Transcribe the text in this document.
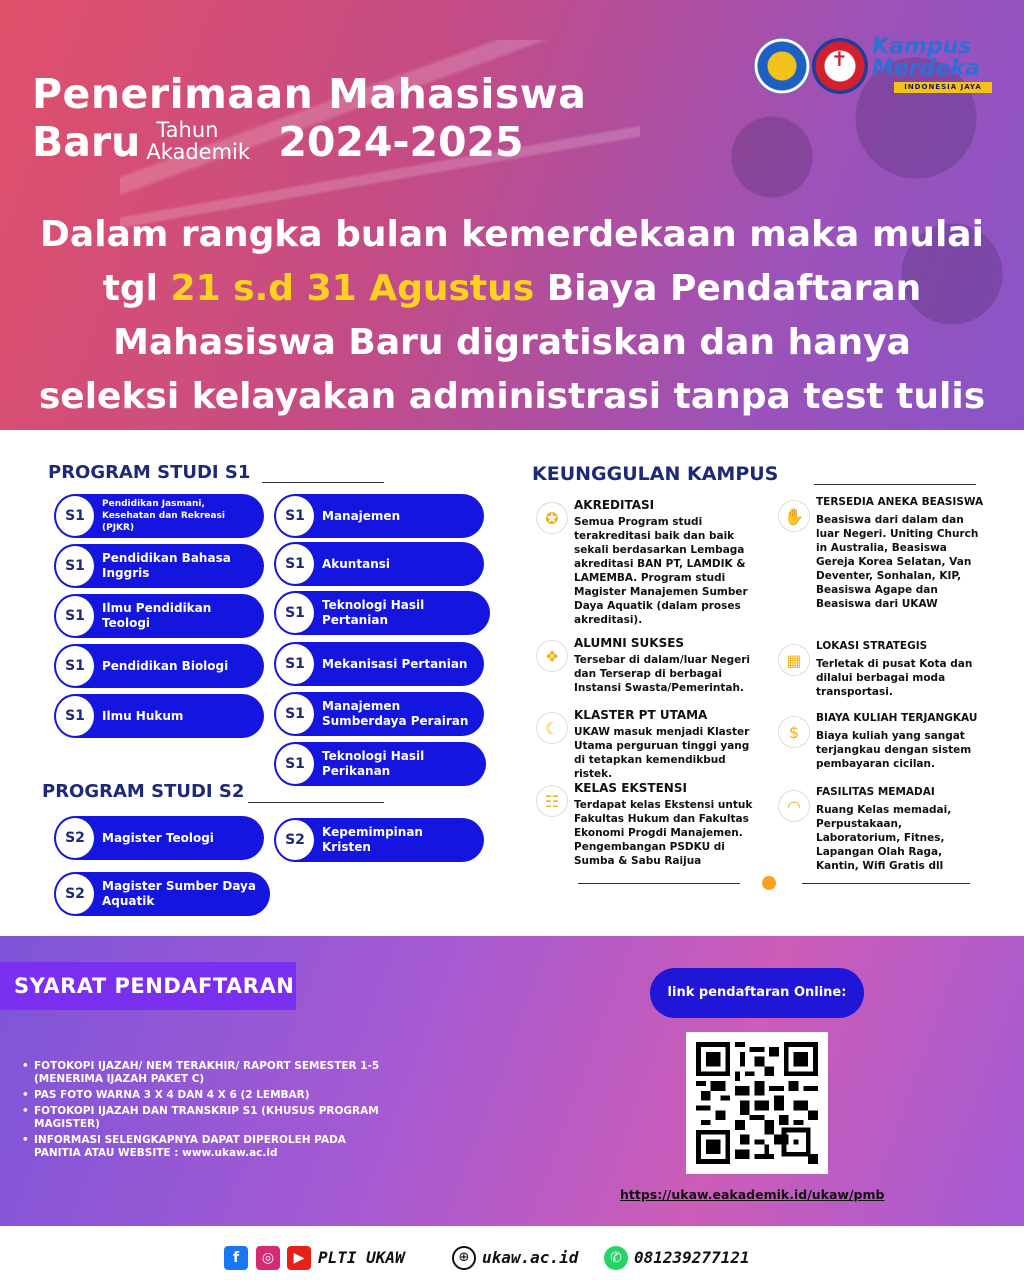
Penerimaan Mahasiswa
Baru Tahun
Akademik 2024-2025
✝
Kampus
Merdeka
INDONESIA JAYA
Dalam rangka bulan kemerdekaan maka mulai
tgl 21 s.d 31 Agustus Biaya Pendaftaran
Mahasiswa Baru digratiskan dan hanya
seleksi kelayakan administrasi tanpa test tulis
PROGRAM STUDI S1
S1
Pendidikan Jasmani, Kesehatan dan Rekreasi (PJKR)
S1	Pendidikan Bahasa Inggris
S1	Ilmu Pendidikan Teologi
S1	Pendidikan Biologi
S1	Ilmu Hukum
S1	Manajemen
S1	Akuntansi
S1	Teknologi Hasil Pertanian
S1	Mekanisasi Pertanian
S1	Manajemen Sumberdaya Perairan
S1	Teknologi Hasil Perikanan
PROGRAM STUDI S2
S2	Magister Teologi	S2	Kepemimpinan Kristen
S2	Magister Sumber Daya Aquatik
KEUNGGULAN KAMPUS
✪
AKREDITASI
Semua Program studi terakreditasi baik dan baik sekali berdasarkan Lembaga akreditasi BAN PT, LAMDIK & LAMEMBA. Program studi Magister Manajemen Sumber Daya Aquatik (dalam proses akreditasi).
✋
TERSEDIA ANEKA BEASISWA
Beasiswa dari dalam dan luar Negeri. Uniting Church in Australia, Beasiswa Gereja Korea Selatan, Van Deventer, Sonhalan, KIP, Beasiswa Agape dan Beasiswa dari UKAW
❖
ALUMNI SUKSES
Tersebar di dalam/luar Negeri dan Terserap di berbagai Instansi Swasta/Pemerintah.
▦
LOKASI STRATEGIS
Terletak di pusat Kota dan dilalui berbagai moda transportasi.
☾
KLASTER PT UTAMA
UKAW masuk menjadi Klaster Utama perguruan tinggi yang di tetapkan kemendikbud ristek.
$
BIAYA KULIAH TERJANGKAU
Biaya kuliah yang sangat terjangkau dengan sistem pembayaran cicilan.
☷
KELAS EKSTENSI
Terdapat kelas Ekstensi untuk Fakultas Hukum dan Fakultas Ekonomi Progdi Manajemen. Pengembangan PSDKU di Sumba & Sabu Raijua
◠
FASILITAS MEMADAI
Ruang Kelas memadai, Perpustakaan, Laboratorium, Fitnes, Lapangan Olah Raga, Kantin, Wifi Gratis dll
SYARAT PENDAFTARAN
• FOTOKOPI IJAZAH/ NEM TERAKHIR/ RAPORT SEMESTER 1-5 (MENERIMA IJAZAH PAKET C)
• PAS FOTO WARNA 3 X 4 DAN 4 X 6 (2 LEMBAR)
• FOTOKOPI IJAZAH DAN TRANSKRIP S1 (KHUSUS PROGRAM MAGISTER)
• INFORMASI SELENGKAPNYA DAPAT DIPEROLEH PADA PANITIA ATAU WEBSITE : www.ukaw.ac.id
link pendaftaran Online:
https://ukaw.eakademik.id/ukaw/pmb
f	◎	▶ PLTI UKAW	⊕ ukaw.ac.id	✆ 081239277121
